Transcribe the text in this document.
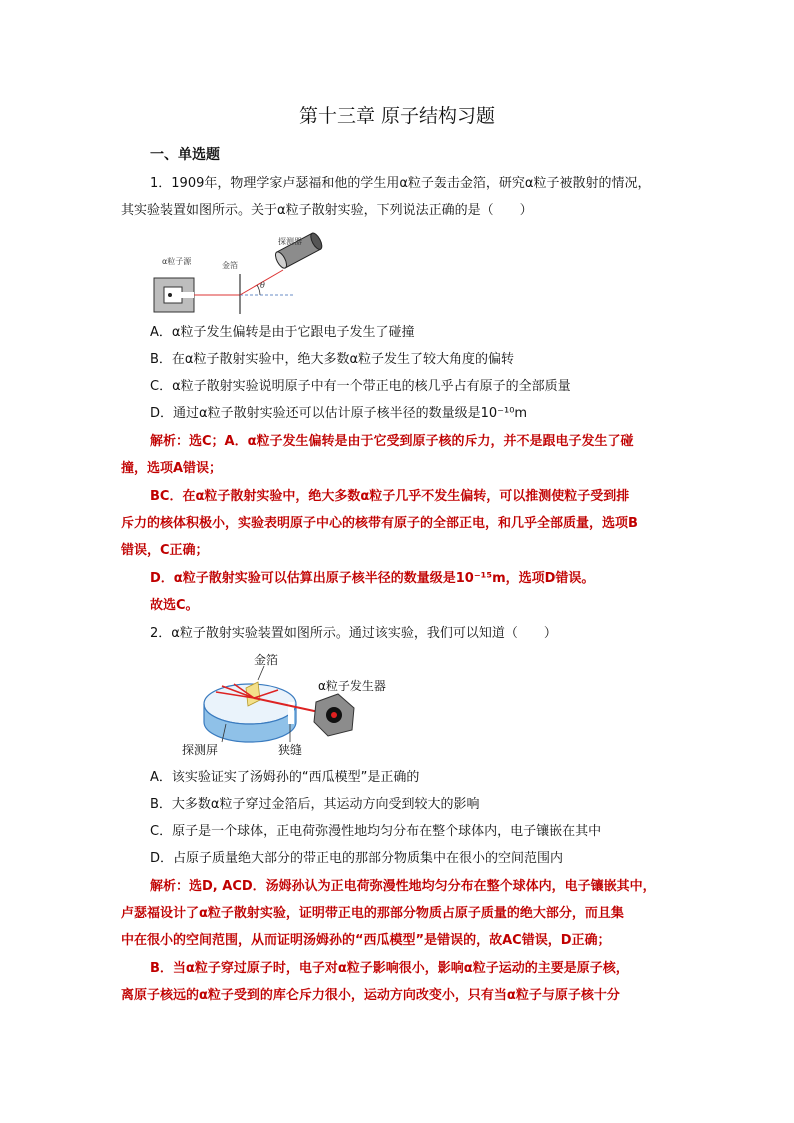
第十三章 原子结构习题
一、单选题
1．1909年，物理学家卢瑟福和他的学生用α粒子轰击金箔，研究α粒子被散射的情况，
其实验装置如图所示。关于α粒子散射实验，下列说法正确的是（　　）
α粒子源	金箔
探测器
θ
A．α粒子发生偏转是由于它跟电子发生了碰撞
B．在α粒子散射实验中，绝大多数α粒子发生了较大角度的偏转
C．α粒子散射实验说明原子中有一个带正电的核几乎占有原子的全部质量
D．通过α粒子散射实验还可以估计原子核半径的数量级是10⁻¹⁰m
解析：选C；A．α粒子发生偏转是由于它受到原子核的斥力，并不是跟电子发生了碰
撞，选项A错误；
BC．在α粒子散射实验中，绝大多数α粒子几乎不发生偏转，可以推测使粒子受到排
斥力的核体积极小，实验表明原子中心的核带有原子的全部正电，和几乎全部质量，选项B
错误，C正确；
D．α粒子散射实验可以估算出原子核半径的数量级是10⁻¹⁵m，选项D错误。
故选C。
2．α粒子散射实验装置如图所示。通过该实验，我们可以知道（　　）
金箔
α粒子发生器
探测屏	狭缝
A．该实验证实了汤姆孙的“西瓜模型”是正确的
B．大多数α粒子穿过金箔后，其运动方向受到较大的影响
C．原子是一个球体，正电荷弥漫性地均匀分布在整个球体内，电子镶嵌在其中
D．占原子质量绝大部分的带正电的那部分物质集中在很小的空间范围内
解析：选D, ACD．汤姆孙认为正电荷弥漫性地均匀分布在整个球体内，电子镶嵌其中，
卢瑟福设计了α粒子散射实验，证明带正电的那部分物质占原子质量的绝大部分，而且集
中在很小的空间范围，从而证明汤姆孙的“西瓜模型”是错误的，故AC错误，D正确；
B．当α粒子穿过原子时，电子对α粒子影响很小，影响α粒子运动的主要是原子核，
离原子核远的α粒子受到的库仑斥力很小，运动方向改变小，只有当α粒子与原子核十分
